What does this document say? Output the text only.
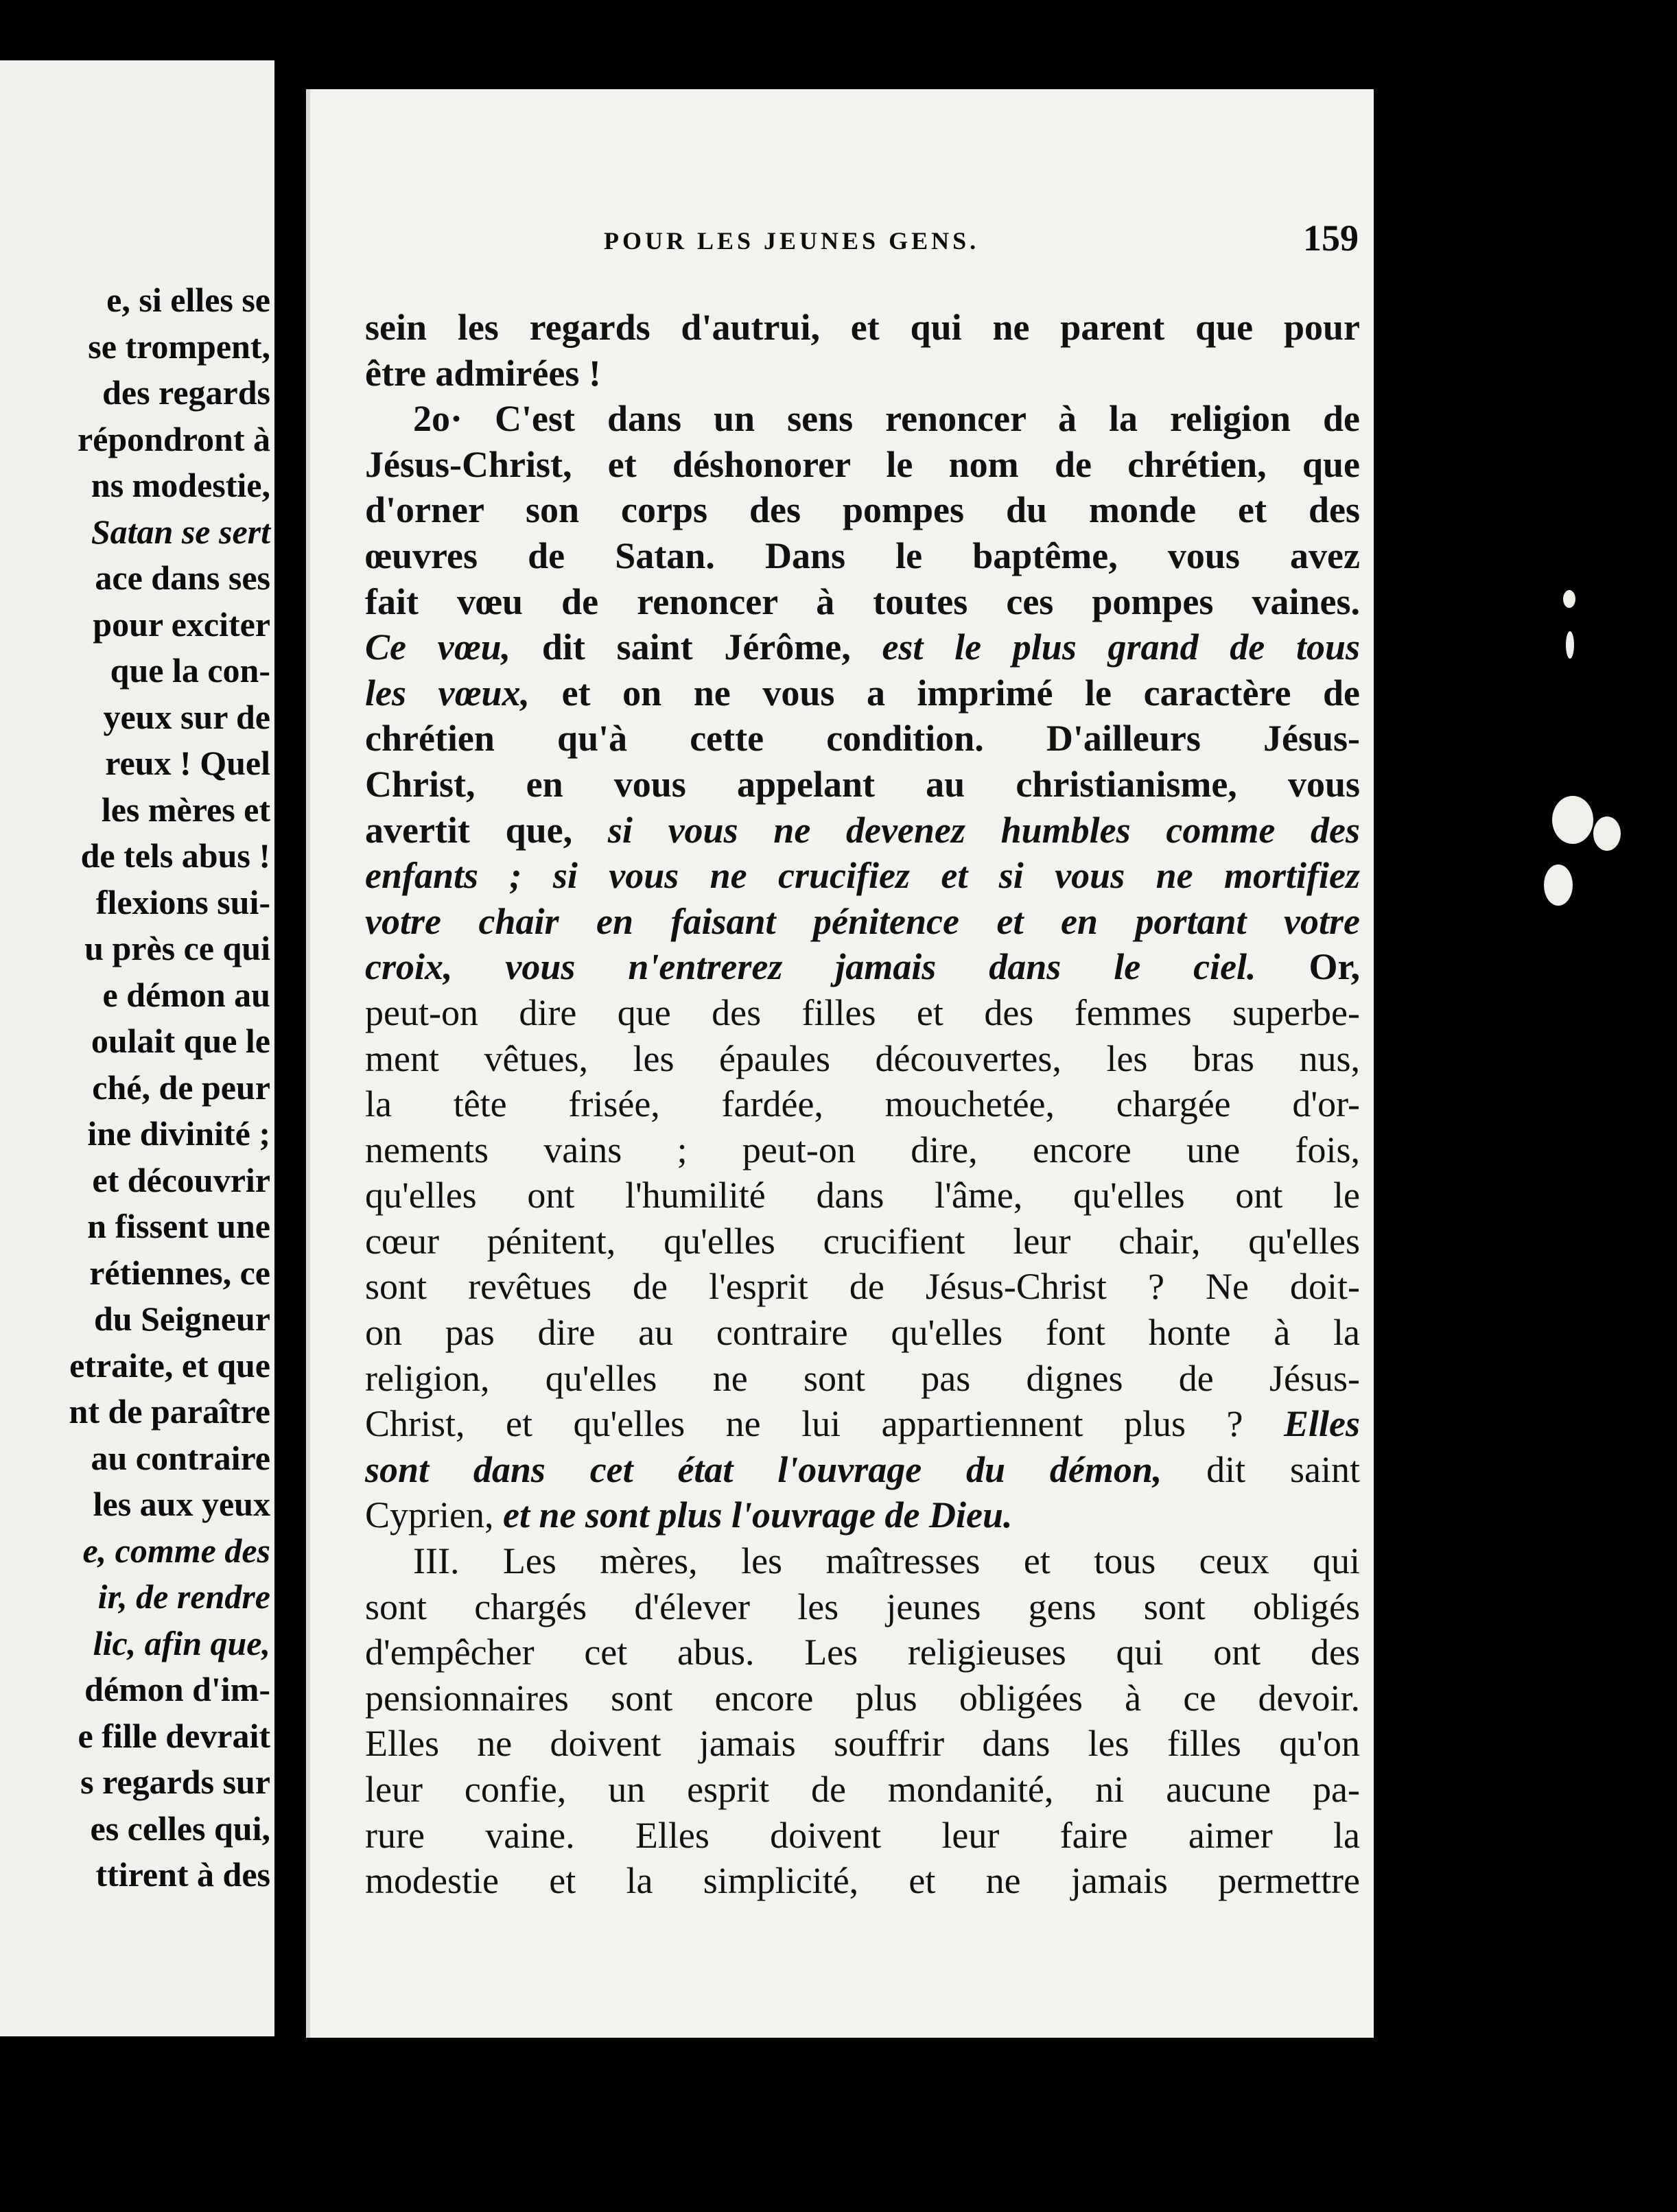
e, si elles se
se trompent,
des regards
répondront à
ns modestie,
Satan se sert
ace dans ses
pour exciter
que la con-
yeux sur de
reux ! Quel
les mères et
de tels abus !
flexions sui-
u près ce qui
e démon au
oulait que le
ché, de peur
ine divinité ;
et découvrir
n fissent une
rétiennes, ce
du Seigneur
etraite, et que
nt de paraître
au contraire
les aux yeux
e, comme des
ir, de rendre
lic, afin que,
démon d'im-
e fille devrait
s regards sur
es celles qui,
ttirent à des
POUR LES JEUNES GENS.	159
sein les regards d'autrui, et qui ne parent que pour
être admirées !
2o· C'est dans un sens renoncer à la religion de
Jésus-Christ, et déshonorer le nom de chrétien, que
d'orner son corps des pompes du monde et des
œuvres de Satan. Dans le baptême, vous avez
fait vœu de renoncer à toutes ces pompes vaines.
Ce vœu, dit saint Jérôme, est le plus grand de tous
les vœux, et on ne vous a imprimé le caractère de
chrétien qu'à cette condition. D'ailleurs Jésus-
Christ, en vous appelant au christianisme, vous
avertit que, si vous ne devenez humbles comme des
enfants ; si vous ne crucifiez et si vous ne mortifiez
votre chair en faisant pénitence et en portant votre
croix, vous n'entrerez jamais dans le ciel. Or,
peut-on dire que des filles et des femmes superbe-
ment vêtues, les épaules découvertes, les bras nus,
la tête frisée, fardée, mouchetée, chargée d'or-
nements vains ; peut-on dire, encore une fois,
qu'elles ont l'humilité dans l'âme, qu'elles ont le
cœur pénitent, qu'elles crucifient leur chair, qu'elles
sont revêtues de l'esprit de Jésus-Christ ? Ne doit-
on pas dire au contraire qu'elles font honte à la
religion, qu'elles ne sont pas dignes de Jésus-
Christ, et qu'elles ne lui appartiennent plus ? Elles
sont dans cet état l'ouvrage du démon, dit saint
Cyprien, et ne sont plus l'ouvrage de Dieu.
III. Les mères, les maîtresses et tous ceux qui
sont chargés d'élever les jeunes gens sont obligés
d'empêcher cet abus. Les religieuses qui ont des
pensionnaires sont encore plus obligées à ce devoir.
Elles ne doivent jamais souffrir dans les filles qu'on
leur confie, un esprit de mondanité, ni aucune pa-
rure vaine. Elles doivent leur faire aimer la
modestie et la simplicité, et ne jamais permettre
